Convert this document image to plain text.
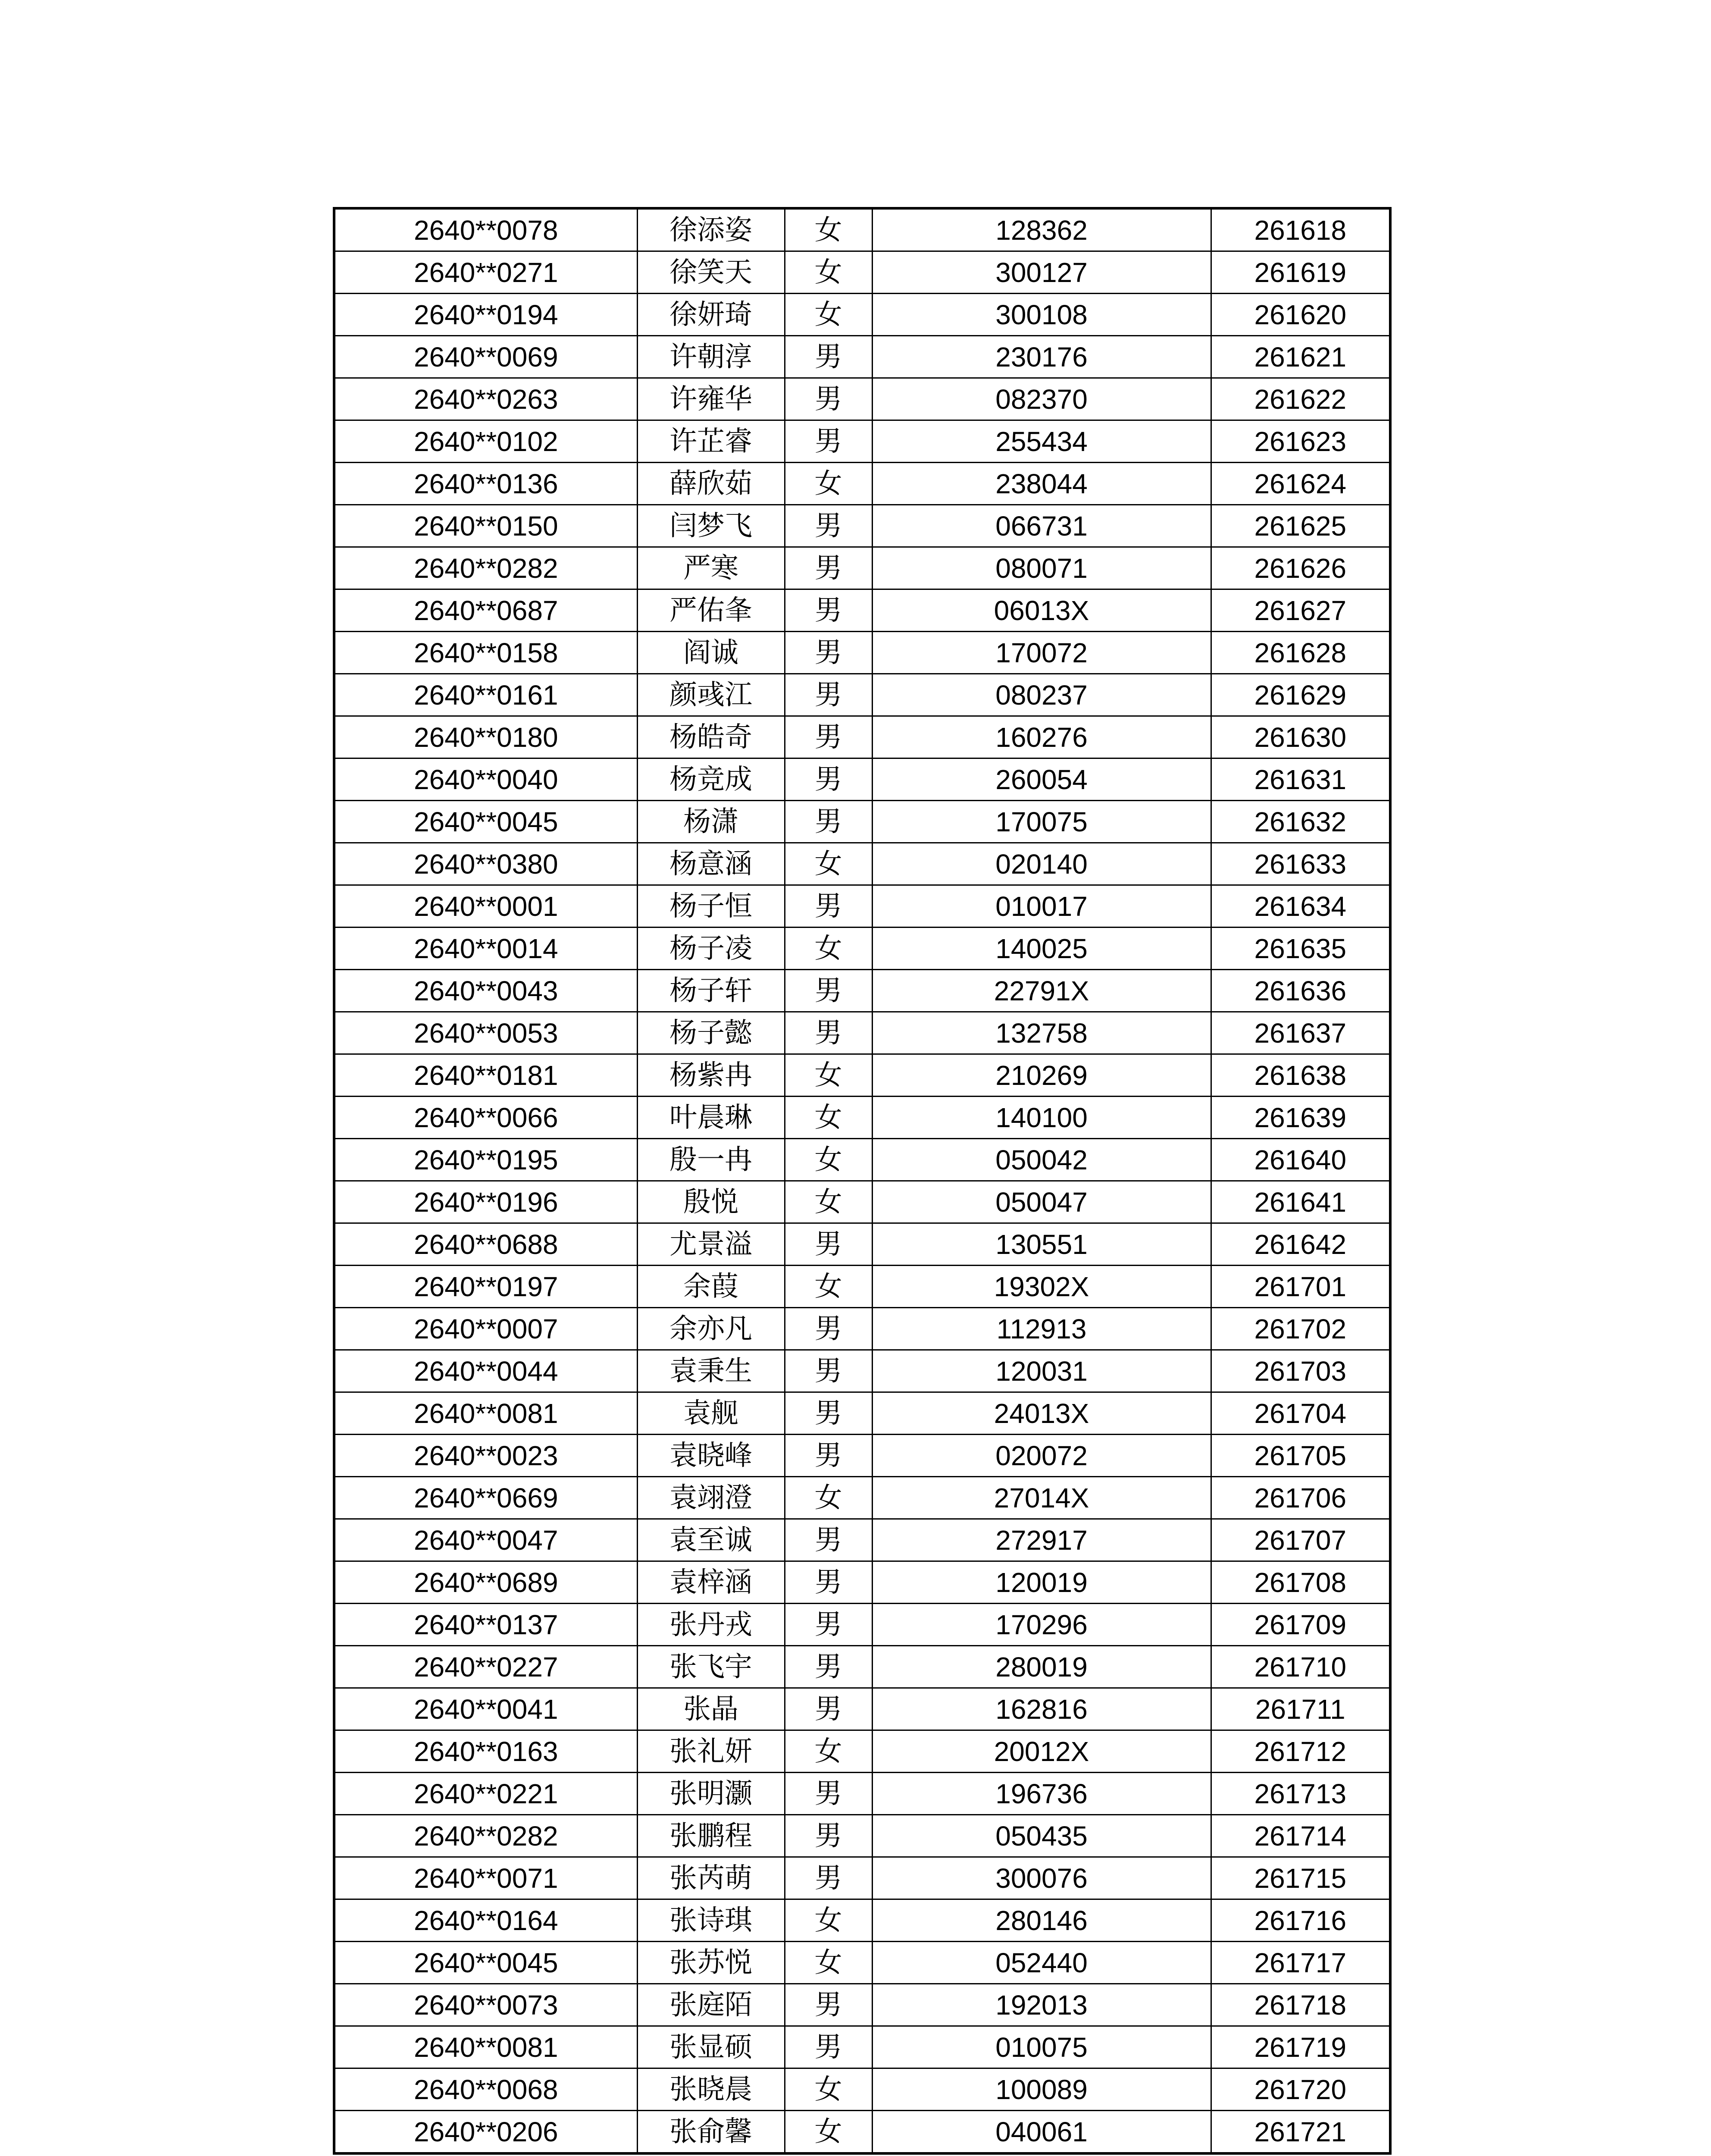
2640**0078	徐添姿	女	128362	261618
2640**0271	徐笑天	女	300127	261619
2640**0194	徐妍琦	女	300108	261620
2640**0069	许朝淳	男	230176	261621
2640**0263	许雍华	男	082370	261622
2640**0102	许芷睿	男	255434	261623
2640**0136	薛欣茹	女	238044	261624
2640**0150	闫梦飞	男	066731	261625
2640**0282	严寒	男	080071	261626
2640**0687	严佑夆	男	06013X	261627
2640**0158	阎诚	男	170072	261628
2640**0161	颜彧江	男	080237	261629
2640**0180	杨皓奇	男	160276	261630
2640**0040	杨竞成	男	260054	261631
2640**0045	杨潇	男	170075	261632
2640**0380	杨意涵	女	020140	261633
2640**0001	杨子恒	男	010017	261634
2640**0014	杨子凌	女	140025	261635
2640**0043	杨子轩	男	22791X	261636
2640**0053	杨子懿	男	132758	261637
2640**0181	杨紫冉	女	210269	261638
2640**0066	叶晨琳	女	140100	261639
2640**0195	殷一冉	女	050042	261640
2640**0196	殷悦	女	050047	261641
2640**0688	尤景溢	男	130551	261642
2640**0197	余葭	女	19302X	261701
2640**0007	余亦凡	男	112913	261702
2640**0044	袁秉生	男	120031	261703
2640**0081	袁舰	男	24013X	261704
2640**0023	袁晓峰	男	020072	261705
2640**0669	袁翊澄	女	27014X	261706
2640**0047	袁至诚	男	272917	261707
2640**0689	袁梓涵	男	120019	261708
2640**0137	张丹戎	男	170296	261709
2640**0227	张飞宇	男	280019	261710
2640**0041	张晶	男	162816	261711
2640**0163	张礼妍	女	20012X	261712
2640**0221	张明灏	男	196736	261713
2640**0282	张鹏程	男	050435	261714
2640**0071	张芮萌	男	300076	261715
2640**0164	张诗琪	女	280146	261716
2640**0045	张苏悦	女	052440	261717
2640**0073	张庭陌	男	192013	261718
2640**0081	张显硕	男	010075	261719
2640**0068	张晓晨	女	100089	261720
2640**0206	张俞馨	女	040061	261721
